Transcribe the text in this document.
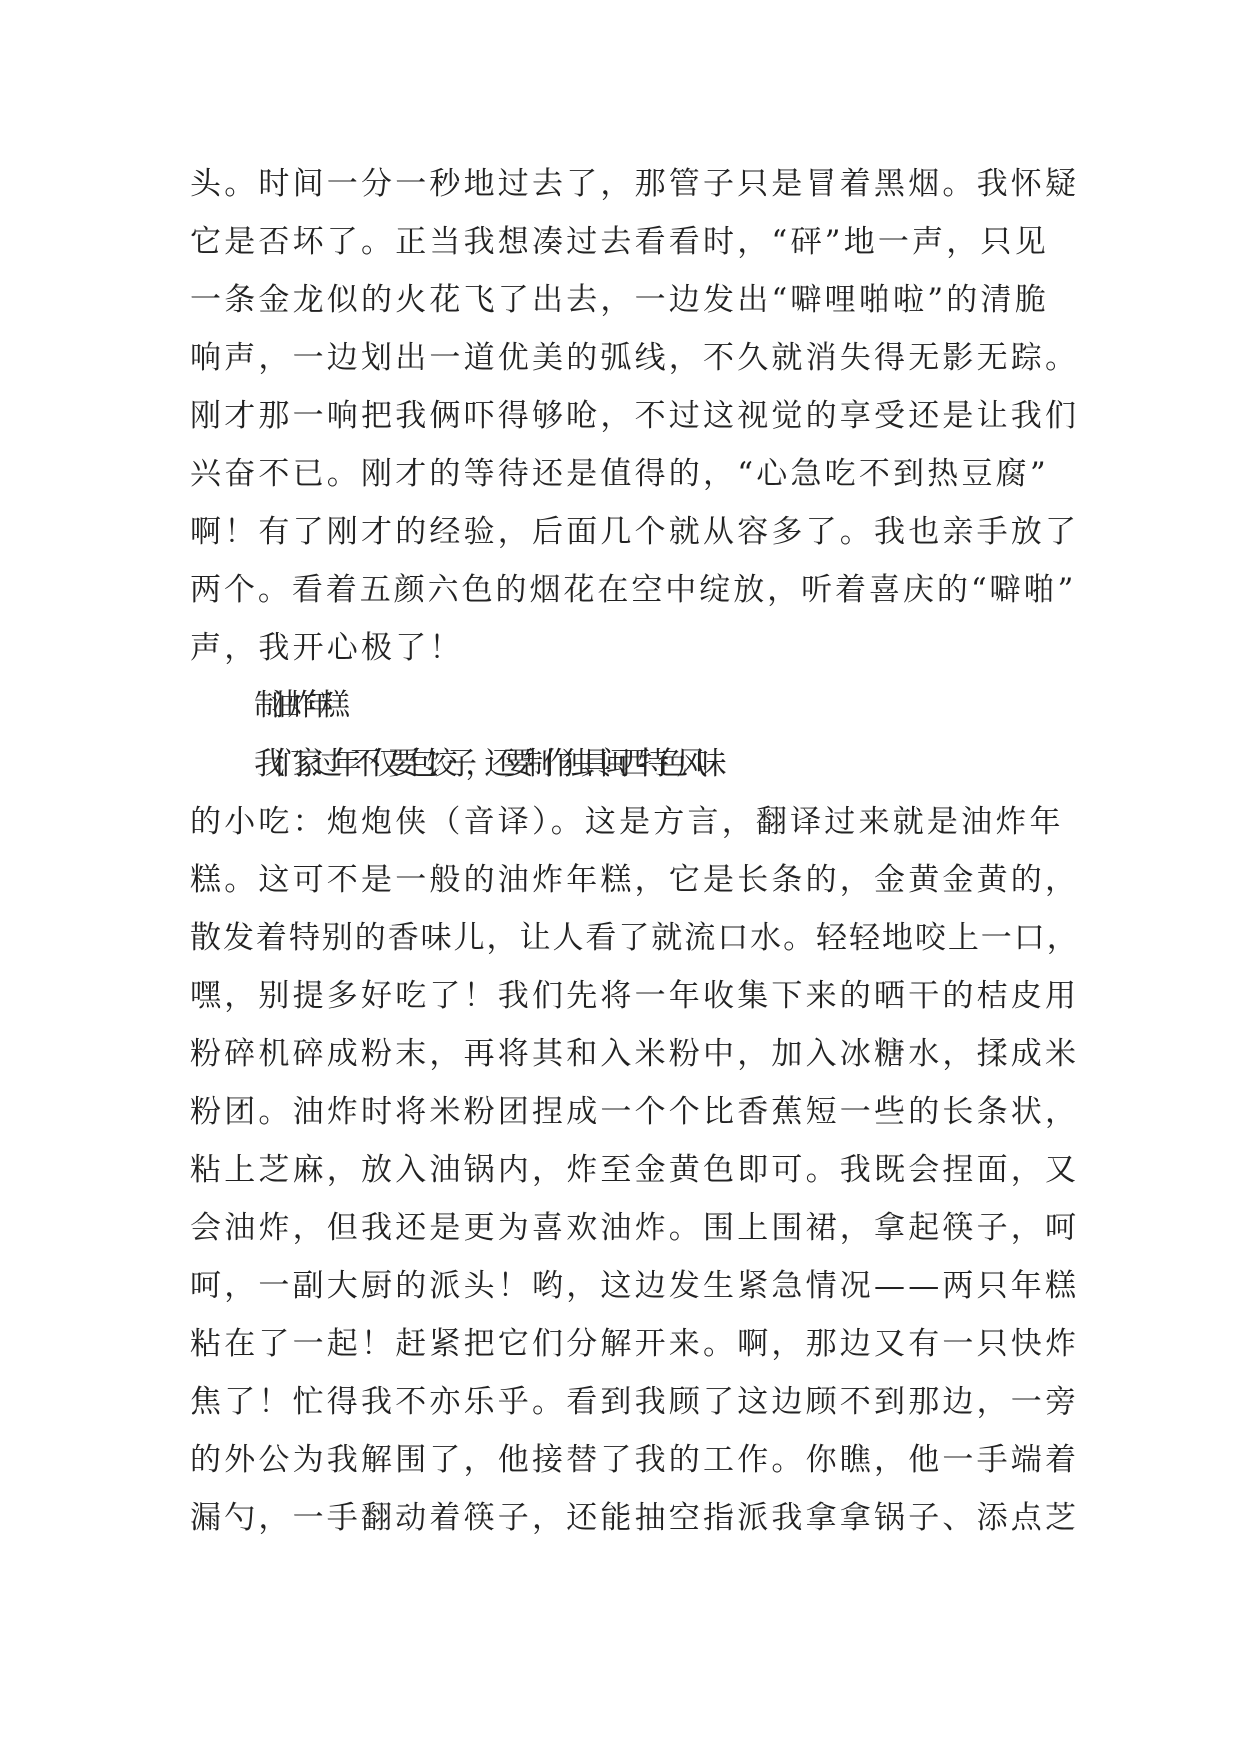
头。时间一分一秒地过去了，那管子只是冒着黑烟。我怀疑
它是否坏了。正当我想凑过去看看时，“砰”地一声，只见
一条金龙似的火花飞了出去，一边发出“噼哩啪啦”的清脆
响声，一边划出一道优美的弧线，不久就消失得无影无踪。
刚才那一响把我俩吓得够呛，不过这视觉的享受还是让我们
兴奋不已。刚才的等待还是值得的，“心急吃不到热豆腐”
啊！有了刚才的经验，后面几个就从容多了。我也亲手放了
两个。看着五颜六色的烟花在空中绽放，听着喜庆的“噼啪”
声，我开心极了！
制油炸年糕
我们家过年不仅要包饺子，还要制作独具闽西特色风味
的小吃：炮炮侠（音译）。这是方言，翻译过来就是油炸年
糕。这可不是一般的油炸年糕，它是长条的，金黄金黄的，
散发着特别的香味儿，让人看了就流口水。轻轻地咬上一口，
嘿，别提多好吃了！我们先将一年收集下来的晒干的桔皮用
粉碎机碎成粉末，再将其和入米粉中，加入冰糖水，揉成米
粉团。油炸时将米粉团捏成一个个比香蕉短一些的长条状，
粘上芝麻，放入油锅内，炸至金黄色即可。我既会捏面，又
会油炸，但我还是更为喜欢油炸。围上围裙，拿起筷子，呵
呵，一副大厨的派头！哟，这边发生紧急情况——两只年糕
粘在了一起！赶紧把它们分解开来。啊，那边又有一只快炸
焦了！忙得我不亦乐乎。看到我顾了这边顾不到那边，一旁
的外公为我解围了，他接替了我的工作。你瞧，他一手端着
漏勺，一手翻动着筷子，还能抽空指派我拿拿锅子、添点芝
